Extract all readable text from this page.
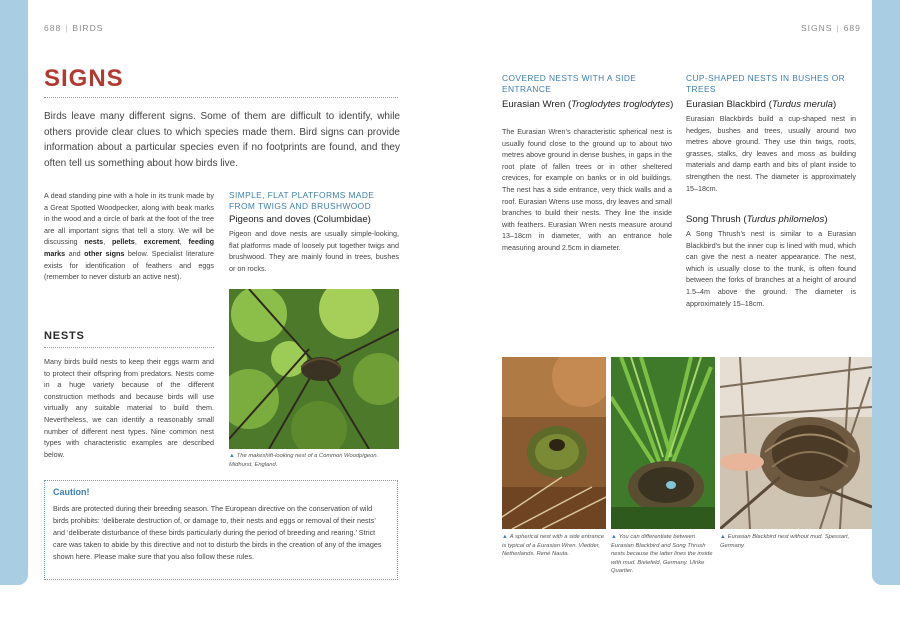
688 | BIRDS
SIGNS
Birds leave many different signs. Some of them are difficult to identify, while others provide clear clues to which species made them. Bird signs can provide information about a particular species even if no footprints are found, and they often tell us something about how birds live.
A dead standing pine with a hole in its trunk made by a Great Spotted Woodpecker, along with beak marks in the wood and a circle of bark at the foot of the tree are all important signs that tell a story. We will be discussing nests, pellets, excrement, feeding marks and other signs below. Specialist literature exists for identification of feathers and eggs (remember to never disturb an active nest).
NESTS
Many birds build nests to keep their eggs warm and to protect their offspring from predators. Nests come in a huge variety because of the different construction methods and because birds will use virtually any suitable material to build them. Nevertheless, we can identify a reasonably small number of different nest types. Nine common nest types with characteristic examples are described below.
SIMPLE, FLAT PLATFORMS MADE FROM TWIGS AND BRUSHWOOD
Pigeons and doves (Columbidae)
Pigeon and dove nests are usually simple-looking, flat platforms made of loosely put together twigs and brushwood. They are mainly found in trees, bushes or on rocks.
▲ The makeshift-looking nest of a Common Woodpigeon. Midhurst, England.
Caution!
Birds are protected during their breeding season. The European directive on the conservation of wild birds prohibits: ‘deliberate destruction of, or damage to, their nests and eggs or removal of their nests’ and ‘deliberate disturbance of these birds particularly during the period of breeding and rearing.’ Strict care was taken to abide by this directive and not to disturb the birds in the creation of any of the images shown here. Please make sure that you also follow these rules.
SIGNS | 689
COVERED NESTS WITH A SIDE ENTRANCE
Eurasian Wren (Troglodytes troglodytes)
The Eurasian Wren’s characteristic spherical nest is usually found close to the ground up to about two metres above ground in dense bushes, in gaps in the root plate of fallen trees or in other sheltered crevices, for example on banks or in old buildings. The nest has a side entrance, very thick walls and a roof. Eurasian Wrens use moss, dry leaves and small branches to build their nests. They line the inside with feathers. Eurasian Wren nests measure around 13–18cm in diameter, with an entrance hole measuring around 2.5cm in diameter.
CUP-SHAPED NESTS IN BUSHES OR TREES
Eurasian Blackbird (Turdus merula)
Eurasian Blackbirds build a cup-shaped nest in hedges, bushes and trees, usually around two metres above ground. They use thin twigs, roots, grasses, stalks, dry leaves and moss as building materials and damp earth and bits of plant inside to strengthen the nest. The diameter is approximately 15–18cm.
Song Thrush (Turdus philomelos)
A Song Thrush’s nest is similar to a Eurasian Blackbird’s but the inner cup is lined with mud, which can give the nest a neater appearance. The nest, which is usually close to the trunk, is often found between the forks of branches at a height of around 1.5–4m above the ground. The diameter is approximately 15–18cm.
▲ A spherical nest with a side entrance is typical of a Eurasian Wren. Vledder, Netherlands. René Nauta.
▲ You can differentiate between Eurasian Blackbird and Song Thrush nests because the latter lines the inside with mud. Bielefeld, Germany. Ulrike Quartier.
▲ Eurasian Blackbird nest without mud. Spessart, Germany.
